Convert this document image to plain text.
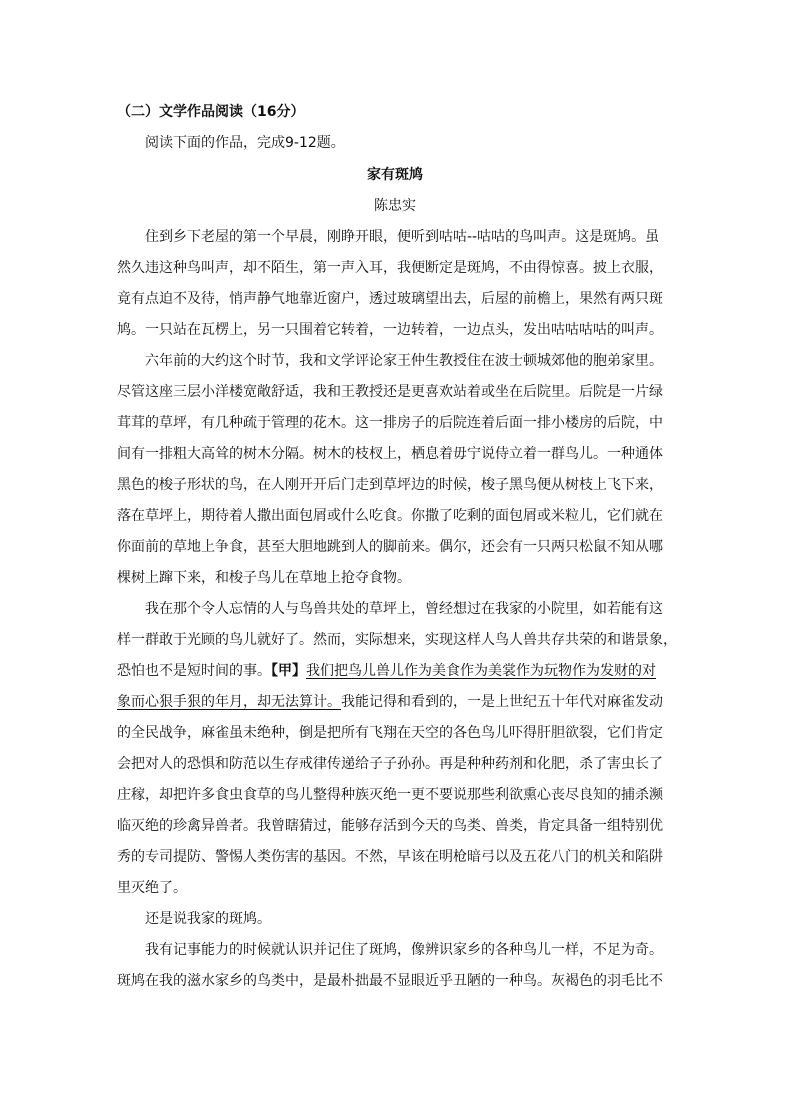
（二）文学作品阅读（16分）
阅读下面的作品，完成9-12题。
家有斑鸠
陈忠实
　　住到乡下老屋的第一个早晨，刚睁开眼，便听到咕咕--咕咕的鸟叫声。这是斑鸠。虽
然久违这种鸟叫声，却不陌生，第一声入耳，我便断定是斑鸠，不由得惊喜。披上衣服，
竟有点迫不及待，悄声静气地靠近窗户，透过玻璃望出去，后屋的前檐上，果然有两只斑
鸠。一只站在瓦楞上，另一只围着它转着，一边转着，一边点头，发出咕咕咕咕的叫声。
　　六年前的大约这个时节，我和文学评论家王仲生教授住在波士顿城郊他的胞弟家里。
尽管这座三层小洋楼宽敞舒适，我和王教授还是更喜欢站着或坐在后院里。后院是一片绿
茸茸的草坪，有几种疏于管理的花木。这一排房子的后院连着后面一排小楼房的后院，中
间有一排粗大高耸的树木分隔。树木的枝杈上，栖息着毋宁说侍立着一群鸟儿。一种通体
黑色的梭子形状的鸟，在人刚开开后门走到草坪边的时候，梭子黑鸟便从树枝上飞下来，
落在草坪上，期待着人撒出面包屑或什么吃食。你撒了吃剩的面包屑或米粒儿，它们就在
你面前的草地上争食，甚至大胆地跳到人的脚前来。偶尔，还会有一只两只松鼠不知从哪
棵树上蹿下来，和梭子鸟儿在草地上抢夺食物。
　　我在那个令人忘情的人与鸟兽共处的草坪上，曾经想过在我家的小院里，如若能有这
样一群敢于光顾的鸟儿就好了。然而，实际想来，实现这样人鸟人兽共存共荣的和谐景象，
恐怕也不是短时间的事。【甲】我们把鸟儿兽儿作为美食作为美裳作为玩物作为发财的对
象而心狠手狠的年月，却无法算计。我能记得和看到的，一是上世纪五十年代对麻雀发动
的全民战争，麻雀虽未绝种，倒是把所有飞翔在天空的各色鸟儿吓得肝胆欲裂，它们肯定
会把对人的恐惧和防范以生存戒律传递给子子孙孙。再是种种药剂和化肥，杀了害虫长了
庄稼，却把许多食虫食草的鸟儿整得种族灭绝一更不要说那些利欲熏心丧尽良知的捕杀濒
临灭绝的珍禽异兽者。我曾瞎猜过，能够存活到今天的鸟类、兽类，肯定具备一组特别优
秀的专司提防、警惕人类伤害的基因。不然，早该在明枪暗弓以及五花八门的机关和陷阱
里灭绝了。
　　还是说我家的斑鸠。
　　我有记事能力的时候就认识并记住了斑鸠，像辨识家乡的各种鸟儿一样，不足为奇。
斑鸠在我的滋水家乡的鸟类中，是最朴拙最不显眼近乎丑陋的一种鸟。灰褐色的羽毛比不
